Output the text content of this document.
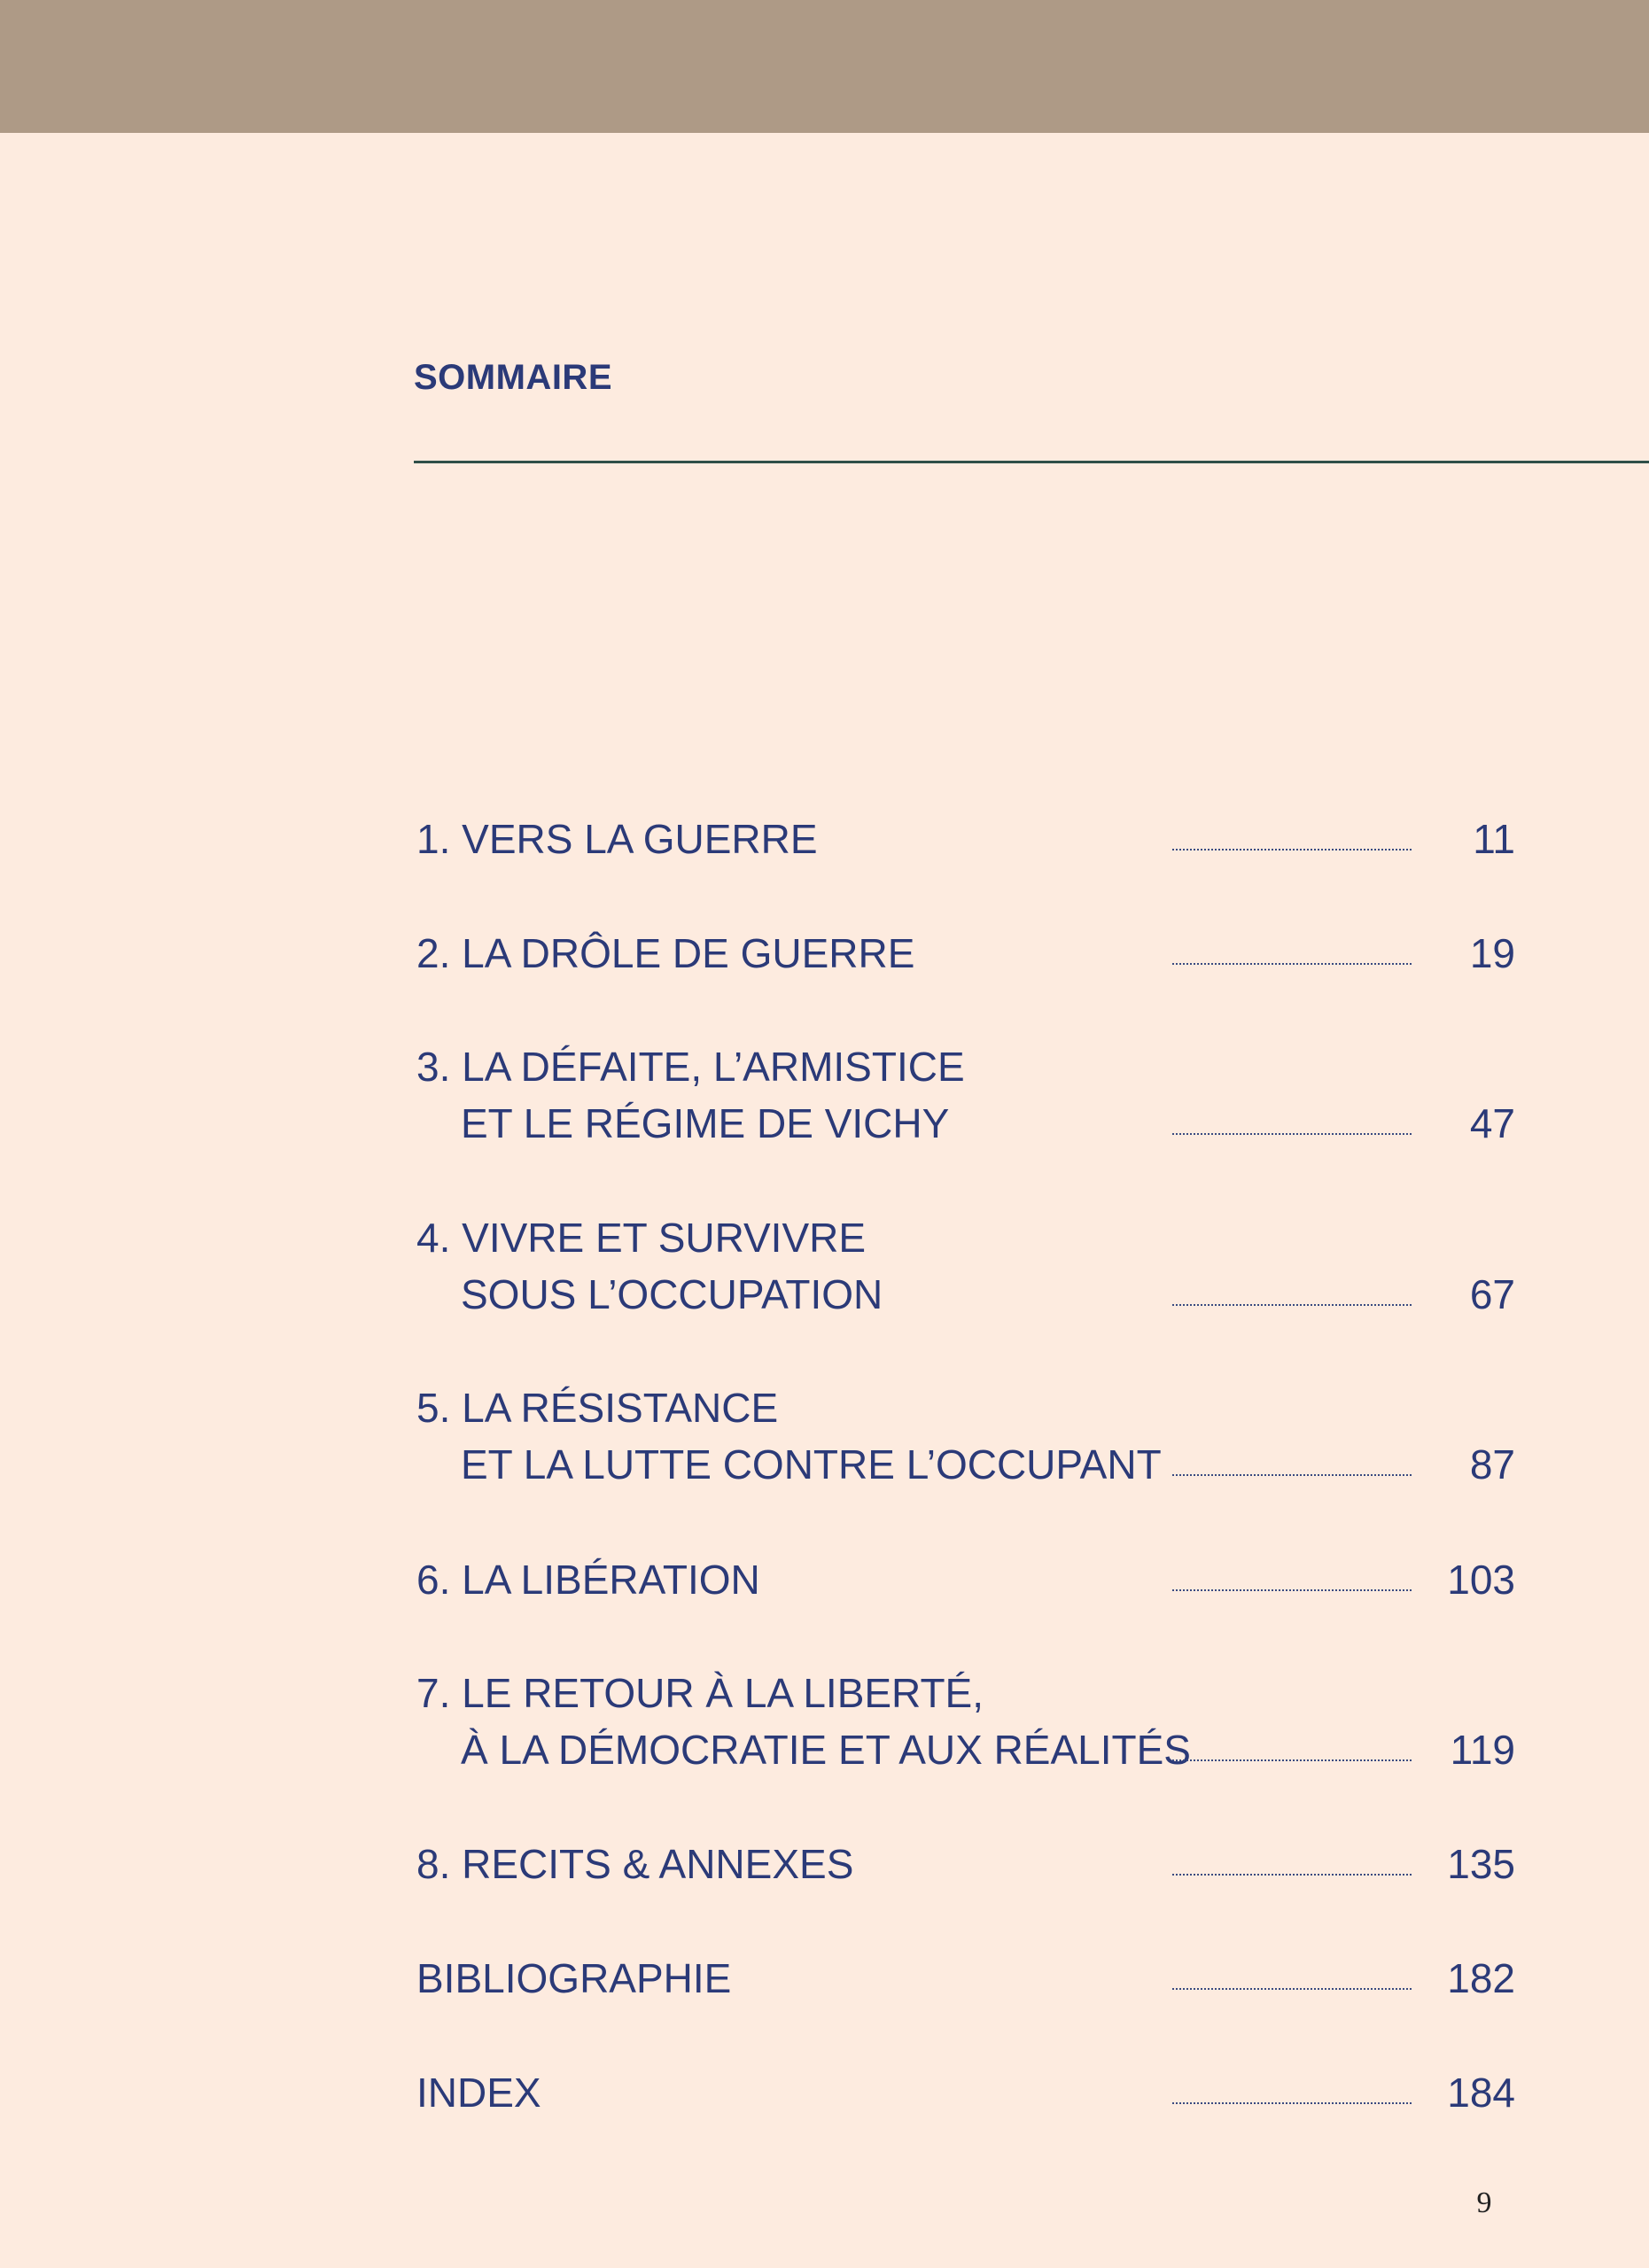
SOMMAIRE
1. VERS LA GUERRE	11
2. LA DRÔLE DE GUERRE	19
3. LA DÉFAITE, L’ARMISTICE
ET LE RÉGIME DE VICHY	47
4. VIVRE ET SURVIVRE
SOUS L’OCCUPATION	67
5. LA RÉSISTANCE
ET LA LUTTE CONTRE L’OCCUPANT	87
6. LA LIBÉRATION	103
7. LE RETOUR À LA LIBERTÉ,
À LA DÉMOCRATIE ET AUX RÉALITÉS	119
8. RECITS & ANNEXES	135
BIBLIOGRAPHIE	182
INDEX	184
9
